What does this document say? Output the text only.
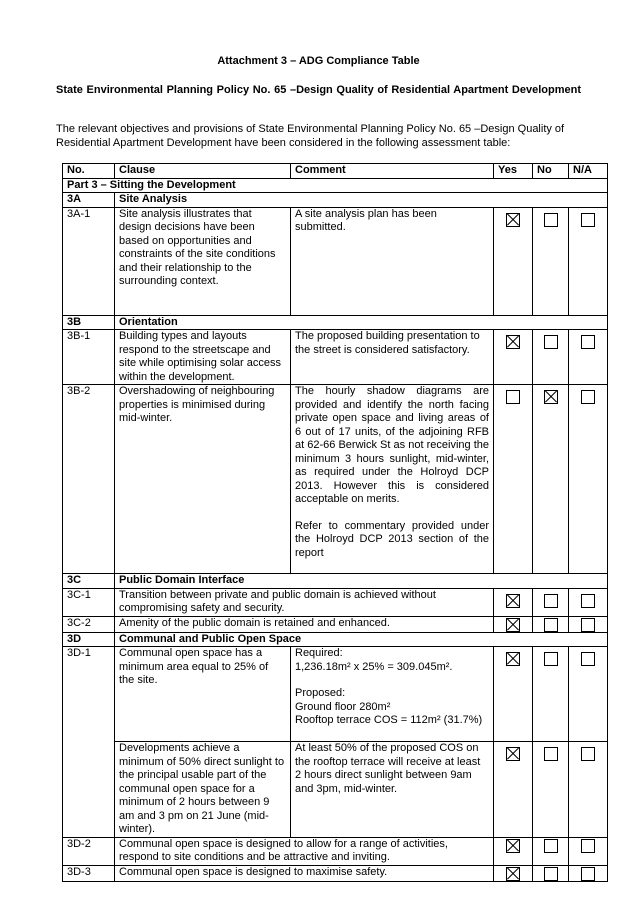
Attachment 3 – ADG Compliance Table
State Environmental Planning Policy No. 65 –Design Quality of Residential Apartment Development
The relevant objectives and provisions of State Environmental Planning Policy No. 65 –Design Quality of Residential Apartment Development have been considered in the following assessment table:
No.	Clause	Comment	Yes	No	N/A
Part 3 – Sitting the Development					
3A	Site Analysis				
3A-1	Site analysis illustrates that design decisions have been based on opportunities and constraints of the site conditions and their relationship to the surrounding context.	A site analysis plan has been submitted.	

3B	Orientation				
3B-1	Building types and layouts respond to the streetscape and site while optimising solar access within the development.	The proposed building presentation to the street is considered satisfactory.	

3B-2	Overshadowing of neighbouring properties is minimised during mid-winter.	The hourly shadow diagrams are provided and identify the north facing private open space and living areas of 6 out of 17 units, of the adjoining RFB at 62-66 Berwick St as not receiving the minimum 3 hours sunlight, mid-winter, as required under the Holroyd DCP 2013. However this is considered acceptable on merits.
Refer to commentary provided under the Holroyd DCP 2013 section of the report			

3C	Public Domain Interface				
3C-1	Transition between private and public domain is achieved without compromising safety and security.		

3C-2	Amenity of the public domain is retained and enhanced.		

3D	Communal and Public Open Space				
3D-1	Communal open space has a minimum area equal to 25% of the site.	Required:
1,236.18m² x 25% = 309.045m².
Proposed:
Ground floor 280m²
Rooftop terrace COS = 112m² (31.7%)			

	Developments achieve a minimum of 50% direct sunlight to the principal usable part of the communal open space for a minimum of 2 hours between 9 am and 3 pm on 21 June (mid-winter).	At least 50% of the proposed COS on the rooftop terrace will receive at least 2 hours direct sunlight between 9am and 3pm, mid-winter.	

3D-2	Communal open space is designed to allow for a range of activities, respond to site conditions and be attractive and inviting.		

3D-3	Communal open space is designed to maximise safety.		
